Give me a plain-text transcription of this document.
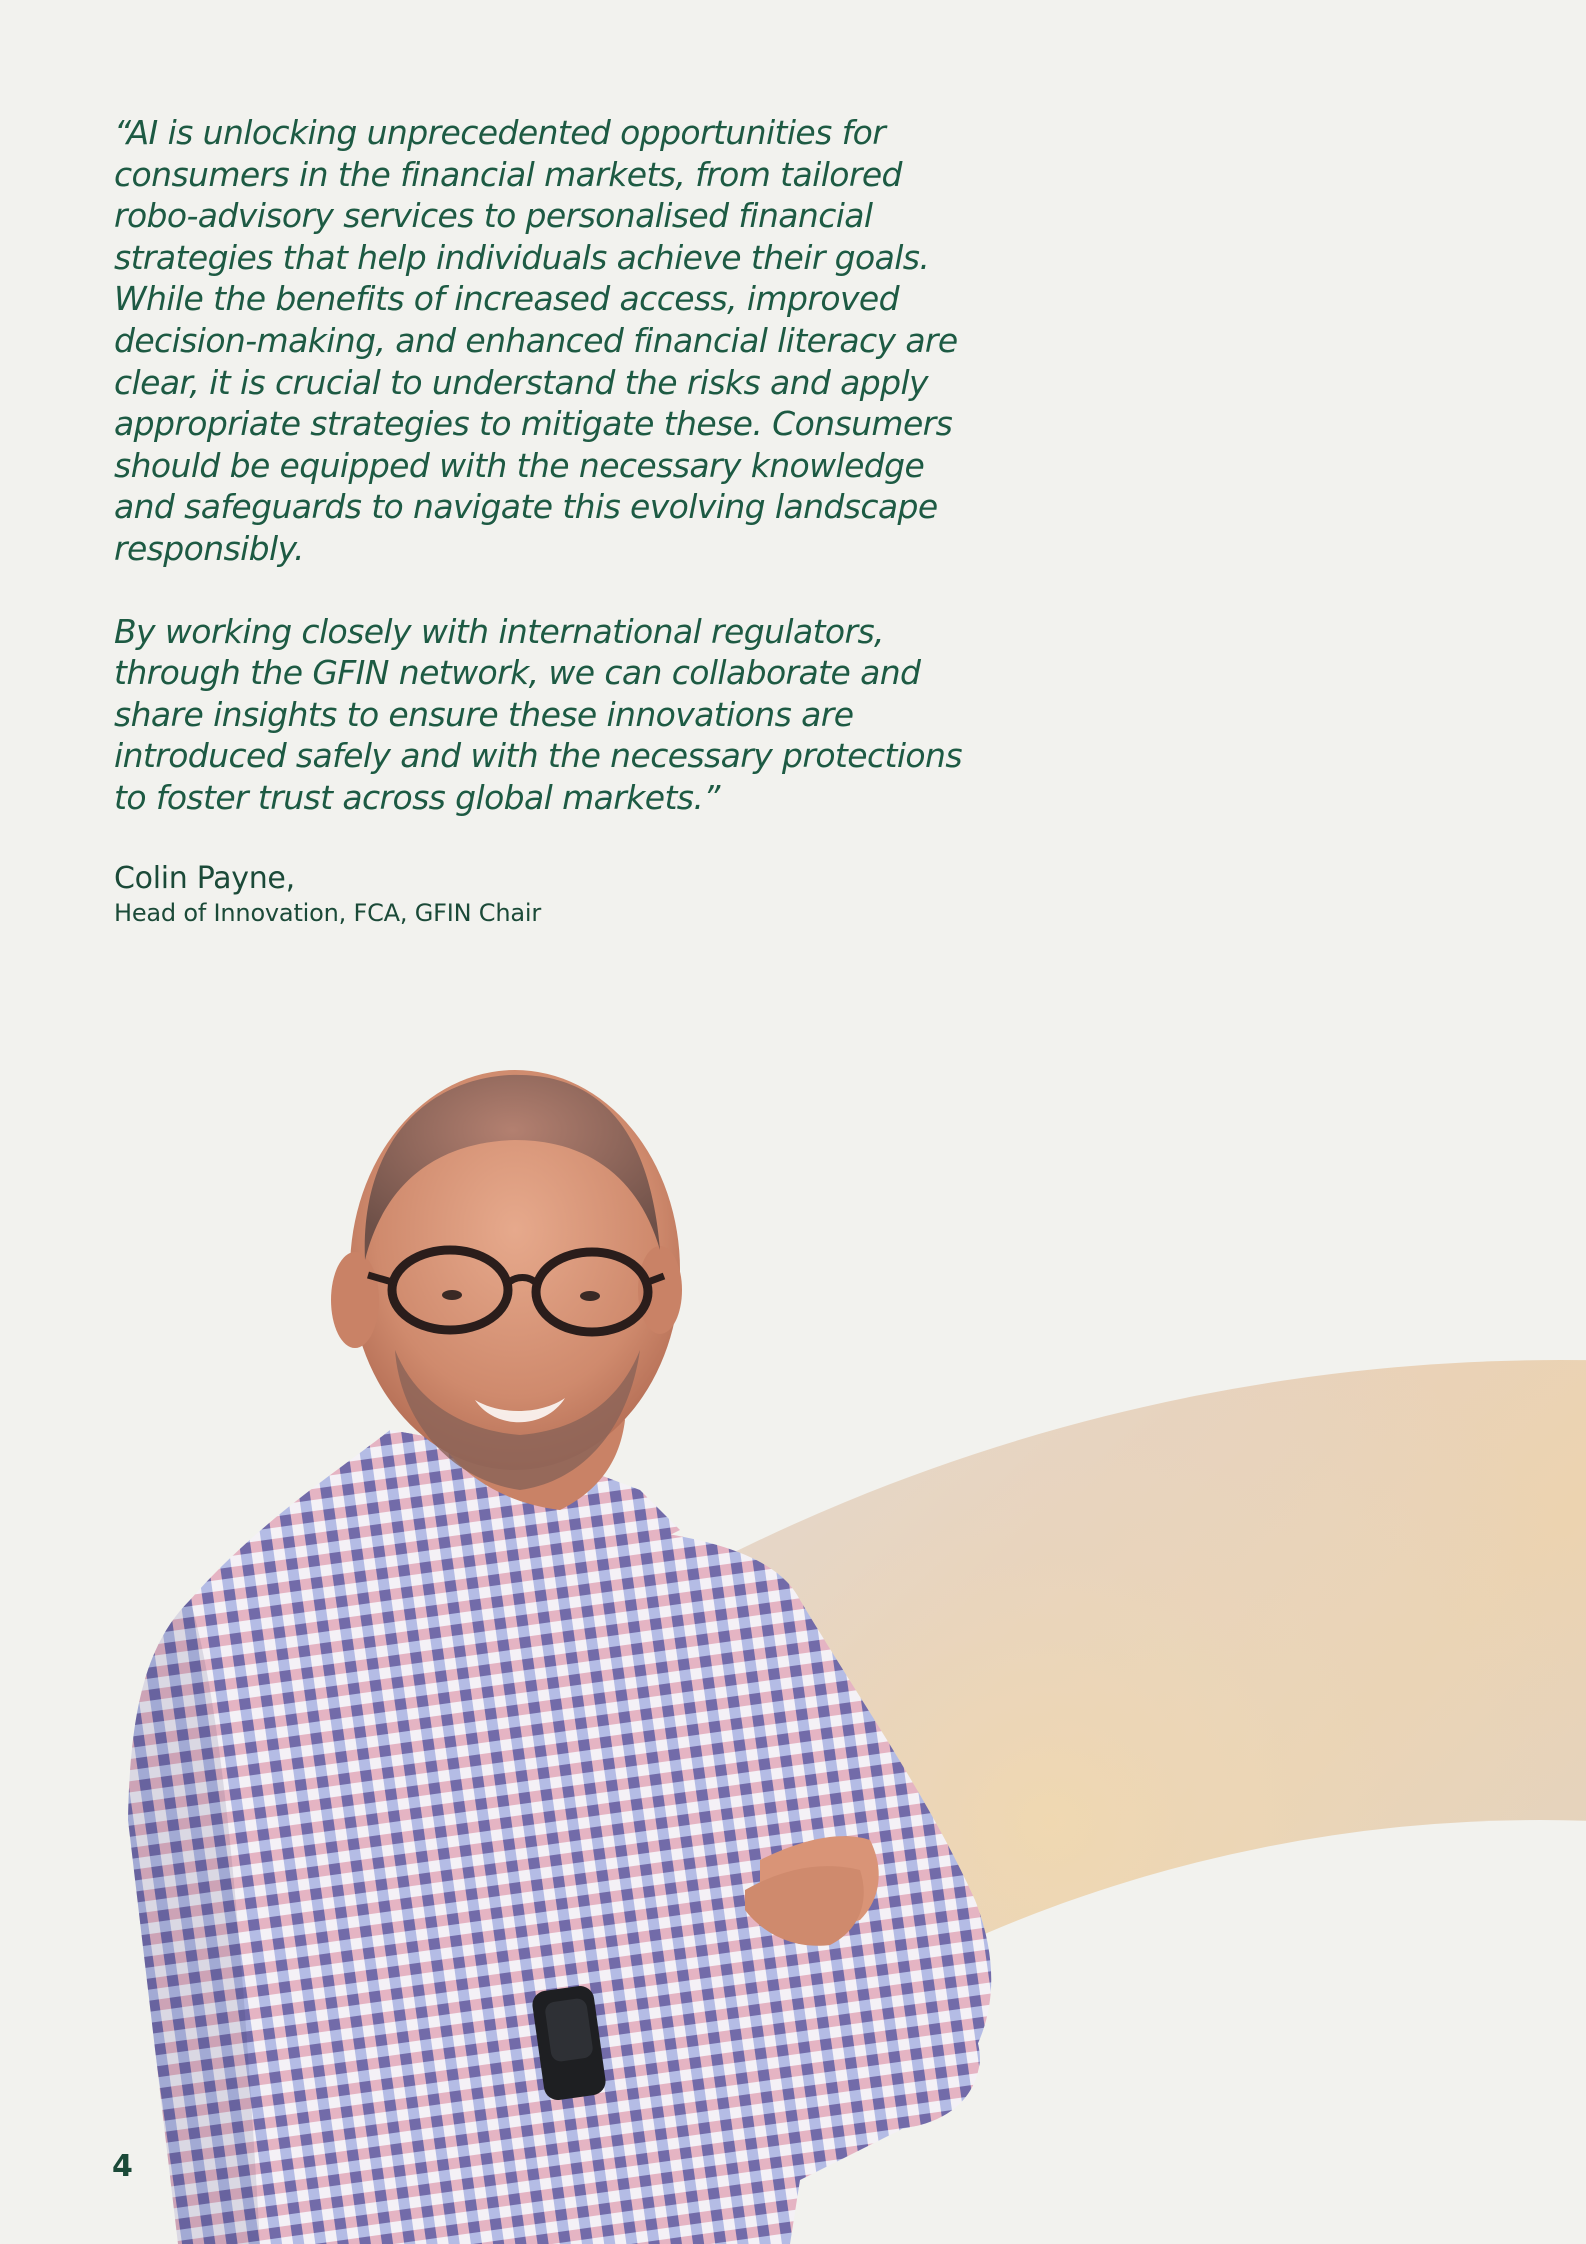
“AI is unlocking unprecedented opportunities for consumers in the financial markets, from tailored robo-advisory services to personalised financial strategies that help individuals achieve their goals. While the benefits of increased access, improved decision-making, and enhanced financial literacy are clear, it is crucial to understand the risks and apply appropriate strategies to mitigate these. Consumers should be equipped with the necessary knowledge and safeguards to navigate this evolving landscape responsibly.

By working closely with international regulators, through the GFIN network, we can collaborate and share insights to ensure these innovations are introduced safely and with the necessary protections to foster trust across global markets.”

Colin Payne,
Head of Innovation, FCA, GFIN Chair
4
